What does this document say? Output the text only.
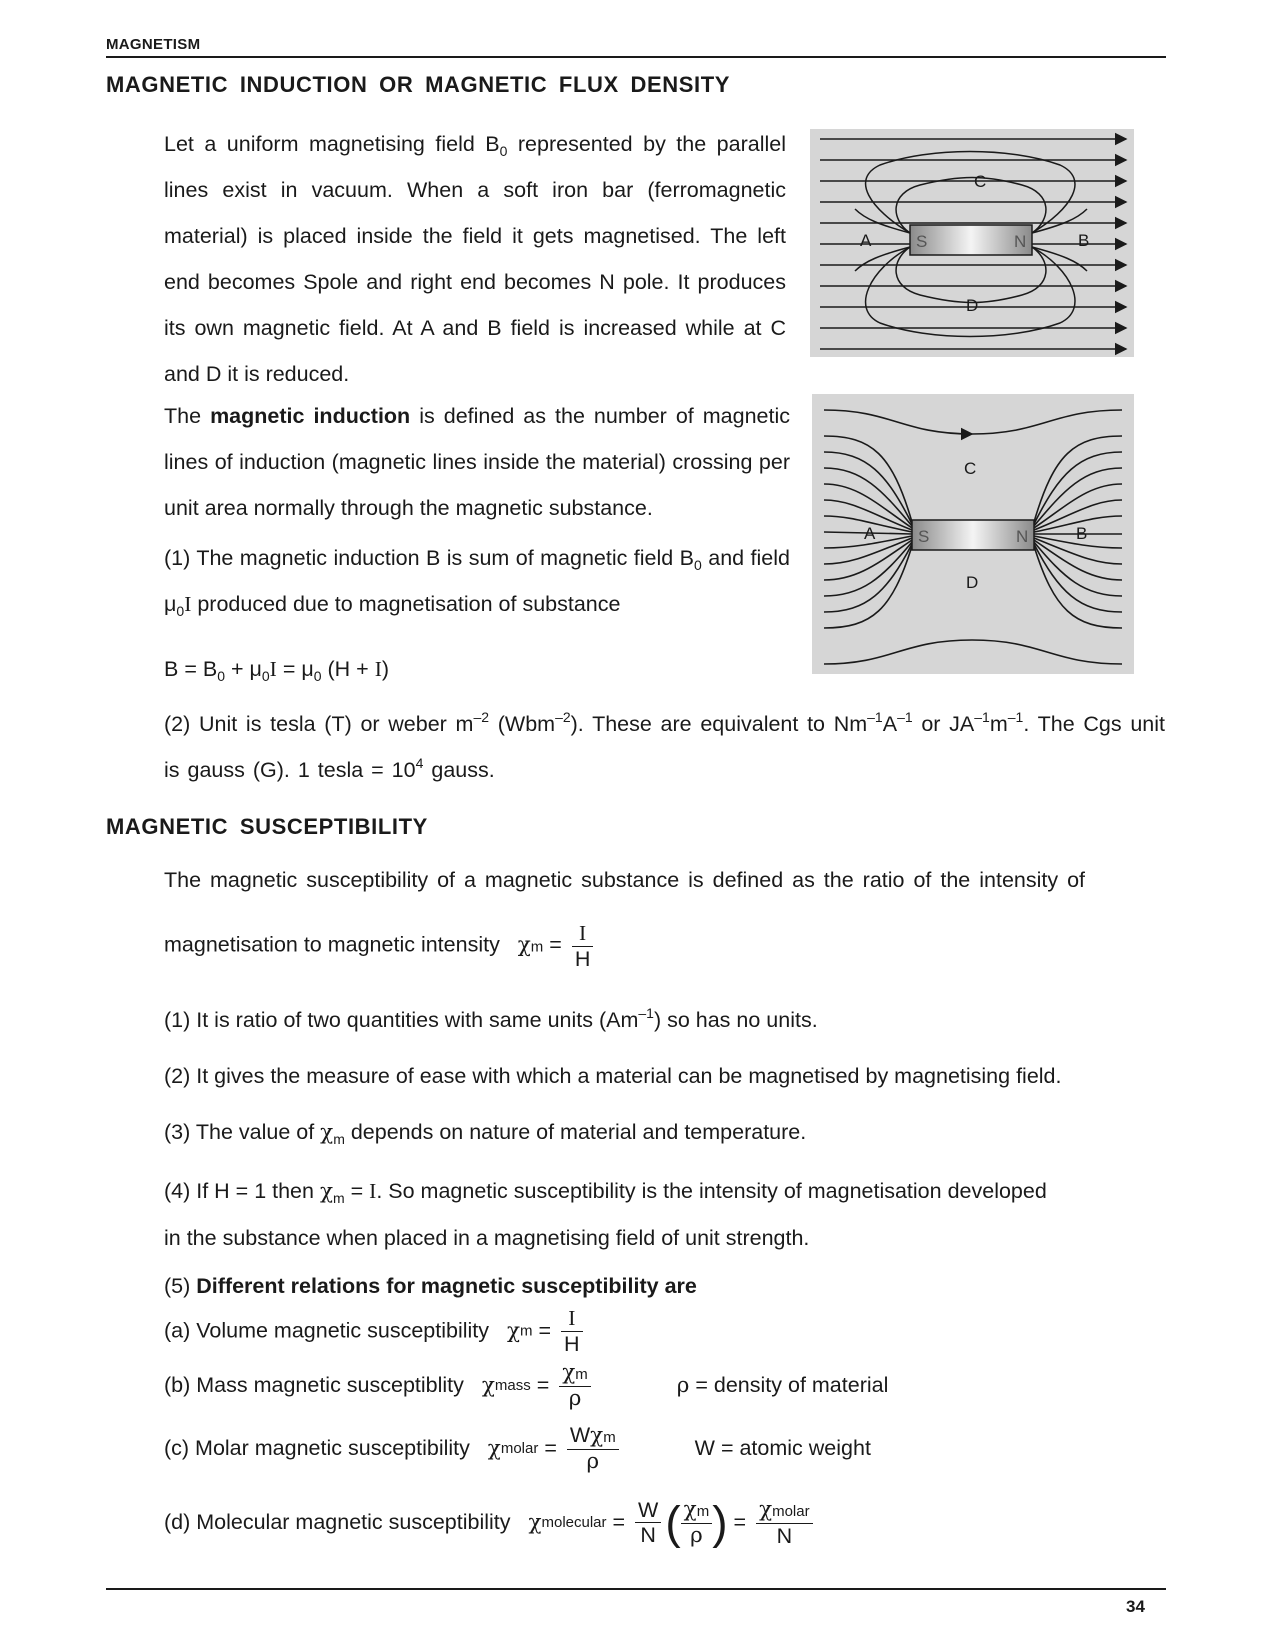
MAGNETISM
MAGNETIC INDUCTION OR MAGNETIC FLUX DENSITY
Let a uniform magnetising field $B_0$ represented by the parallel lines exist in vacuum. When a soft iron bar (ferromagnetic material) is placed inside the field it gets magnetised. The left end becomes Spole and right end becomes N pole. It produces its own magnetic field. At A and B field is increased while at C and D it is reduced.
The magnetic induction is defined as the number of magnetic lines of induction (magnetic lines inside the material) crossing per unit area normally through the magnetic substance.
(1) The magnetic induction B is sum of magnetic field $B_0$ and field $\mu_0I$ produced due to magnetisation of substance
$B = B_0 + \mu_0I = \mu_0$ (H + I)
(2) Unit is tesla (T) or weber $m^{-2}$ (Wbm$^{-2}$). These are equivalent to $Nm^{-1}A^{-1}$ or $JA^{-1}m^{-1}$. The Cgs unit is gauss (G). 1 tesla = $10^4$ gauss.
A	B
C
D
S	N
A	B
C
D
S	N
MAGNETIC SUSCEPTIBILITY
The magnetic susceptibility of a magnetic substance is defined as the ratio of the intensity of
magnetisation to magnetic intensity $\chi m = \frac{I}{H}$
(1) It is ratio of two quantities with same units $(Am^{-1})$ so has no units.
(2) It gives the measure of ease with which a material can be magnetised by magnetising field.
(3) The value of $\chi_m$ depends on nature of material and temperature.
(4) If H = 1 then $\chi_m = I$. So magnetic susceptibility is the intensity of magnetisation developed
in the substance when placed in a magnetising field of unit strength.
(5) Different relations for magnetic susceptibility are
(a) Volume magnetic susceptibility $\chi m = \frac{I}{H}$
(b) Mass magnetic susceptiblity χmass = $\frac{\chi m}{\rho}$	ρ = density of material
(c) Molar magnetic susceptibility χmolar = $\frac{\text{Wχm}}{\rho}$	W = atomic weight
(d) Molecular magnetic susceptibility χmolecular = $\frac{W}{N}$ ( $\frac{\chi m}{\rho}$ ) = $\frac{\text{χmolar}}{N}$
34
